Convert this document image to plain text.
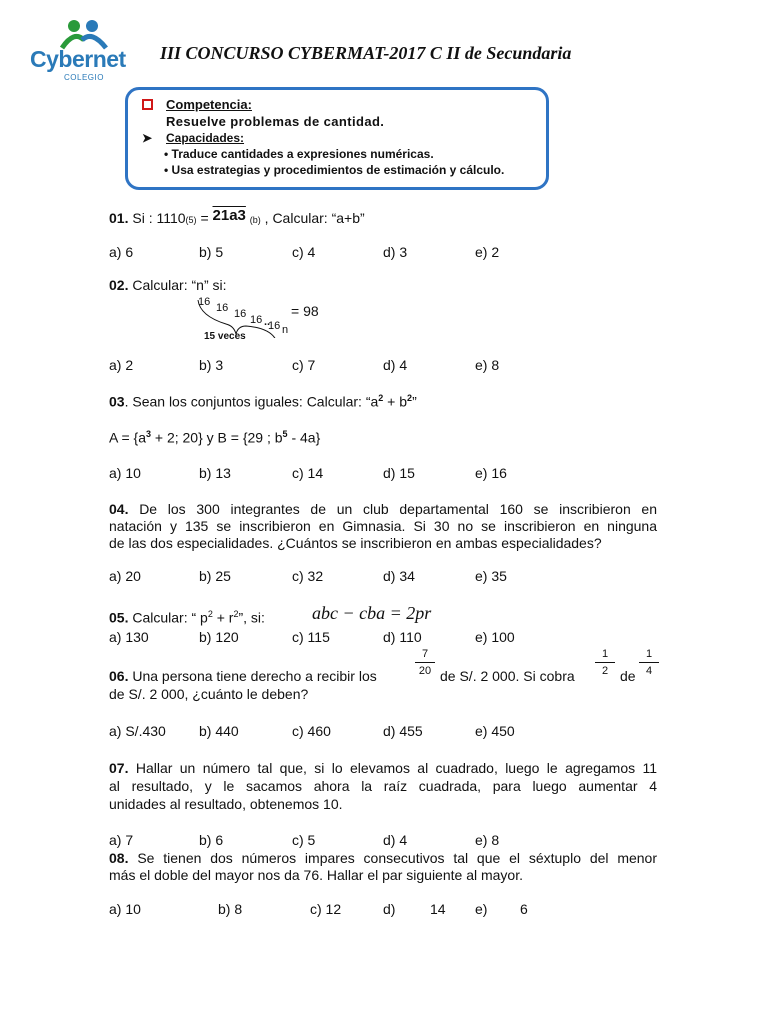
Cybernet
COLEGIO
III CONCURSO CYBERMAT-2017 C II de Secundaria
Competencia:
Resuelve problemas de cantidad.
➤ Capacidades:
• Traduce cantidades a expresiones numéricas.
• Usa estrategias y procedimientos de estimación y cálculo.
01. Si : 1110(5) = 21a3 (b) , Calcular: “a+b”
a) 6	b) 5	c) 4	d) 3	e) 2
02. Calcular: “n” si:
16 16 16 16 ..
16 n
15 veces
= 98
a) 2	b) 3	c) 7	d) 4	e) 8
03. Sean los conjuntos iguales: Calcular: “$a^2 + b^2$”
$A = \{a^3 + 2$; 20} y B = {29 ; $b^5 - 4a$}
a) 10	b) 13	c) 14	d) 15	e) 16
04. De los 300 integrantes de un club departamental 160 se inscribieron en
natación y 135 se inscribieron en Gimnasia. Si 30 no se inscribieron en ninguna
de las dos especialidades. ¿Cuántos se inscribieron en ambas especialidades?
a) 20	b) 25	c) 32	d) 34	e) 35
05. Calcular: “ $p^2 + r^2$”, si:	abc − cba = 2pr
a) 130	b) 120	c) 115	d) 110	e) 100
06. Una persona tiene derecho a recibir los
7
20 de S/. 2 000. Si cobra
1
2 de
1
4
de S/. 2 000, ¿cuánto le deben?
a) S/.430 b) 440	c) 460	d) 455	e) 450
07. Hallar un número tal que, si lo elevamos al cuadrado, luego le agregamos 11
al resultado, y le sacamos ahora la raíz cuadrada, para luego aumentar 4
unidades al resultado, obtenemos 10.
a) 7	b) 6	c) 5	d) 4	e) 8
08. Se tienen dos números impares consecutivos tal que el séxtuplo del menor
más el doble del mayor nos da 76. Hallar el par siguiente al mayor.
a) 10	b) 8	c) 12	d) 14 e) 6
